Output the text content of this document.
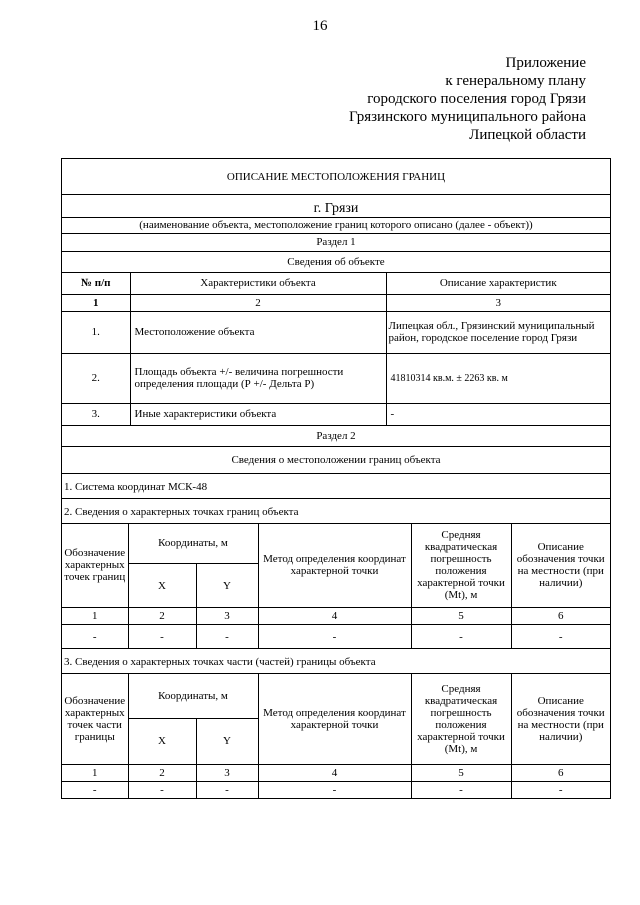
16
Приложение
к генеральному плану
городского поселения город Грязи
Грязинского муниципального района
Липецкой области
ОПИСАНИЕ МЕСТОПОЛОЖЕНИЯ ГРАНИЦ
г. Грязи
(наименование объекта, местоположение границ которого описано (далее - объект))
Раздел 1
Сведения об объекте
№ п/п	Характеристики объекта	Описание характеристик
1	2	3
1.	Местоположение объекта	Липецкая обл., Грязинский муниципальный район, городское поселение город Грязи
2.	Площадь объекта +/- величина погрешности определения площади (Р +/- Дельта Р)	41810314 кв.м. ± 2263 кв. м
3.	Иные характеристики объекта	-
Раздел 2
Сведения о местоположении границ объекта
1. Система координат МСК-48
2. Сведения о характерных точках границ объекта
Обозначение характерных точек границ	Координаты, м		Метод определения координат характерной точки	Средняя квадратическая погрешность положения характерной точки (Mt), м	Описание обозначения точки на местности (при наличии)
	X	Y			
1	2	3	4	5	6
-	-	-	-	-	-
3. Сведения о характерных точках части (частей) границы объекта
Обозначение характерных точек части границы	Координаты, м		Метод определения координат характерной точки	Средняя квадратическая погрешность положения характерной точки (Mt), м	Описание обозначения точки на местности (при наличии)
	X	Y			
1	2	3	4	5	6
-	-	-	-	-	-
